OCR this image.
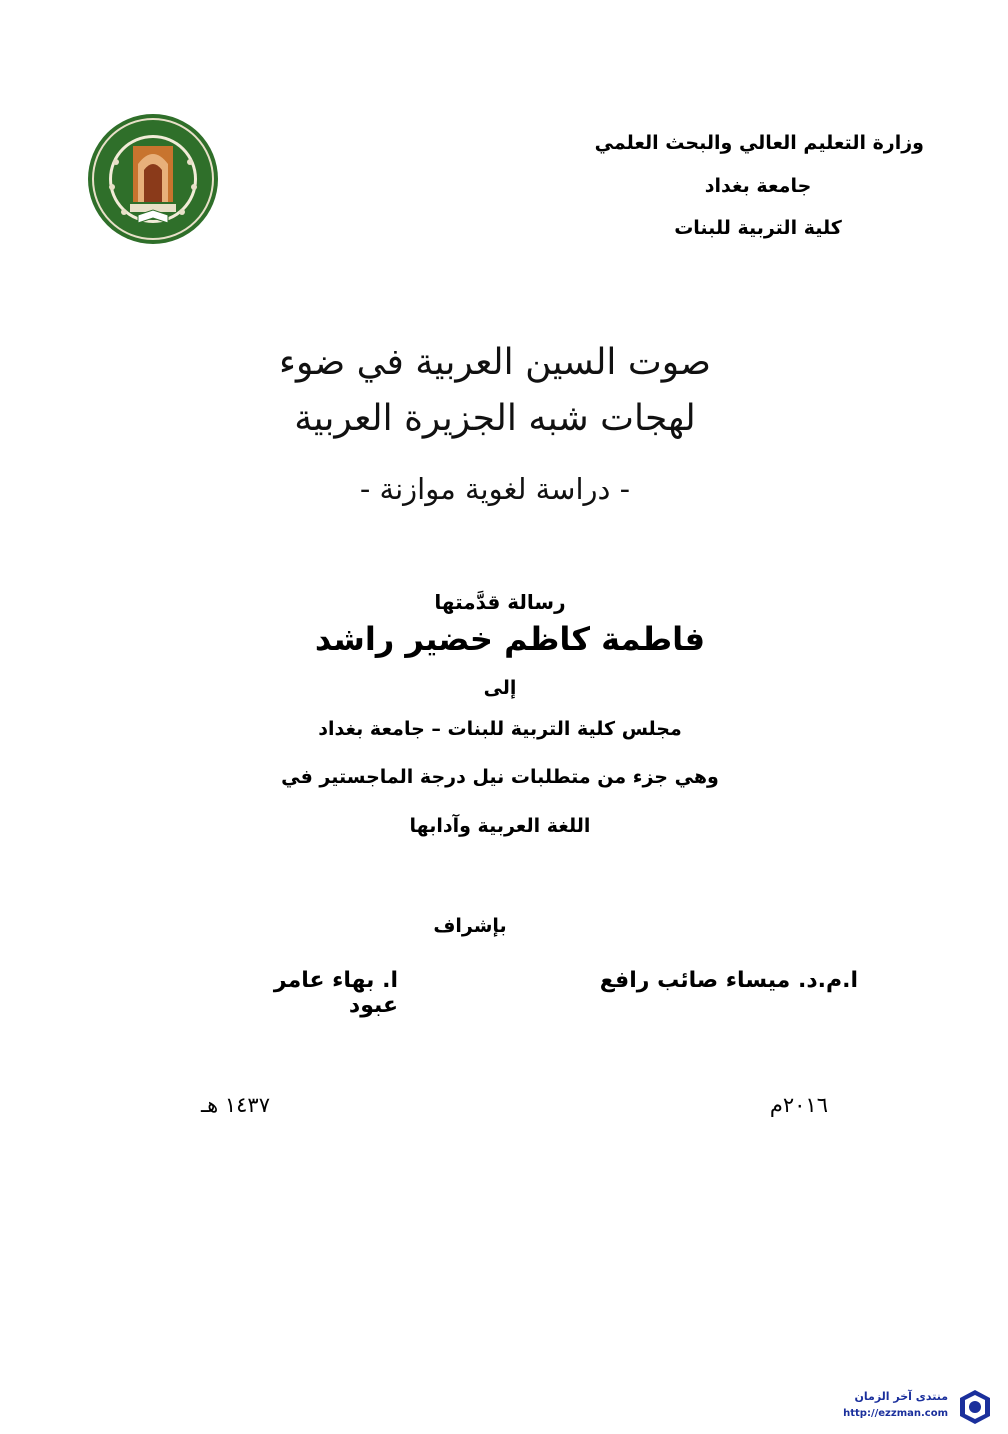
وزارة التعليم العالي والبحث العلمي
جامعة بغداد
كلية التربية للبنات
صوت السين العربية في ضوء
لهجات شبه الجزيرة العربية
- دراسة لغوية موازنة -
رسالة قدَّمتها
فاطمة كاظم خضير راشد
إلى
مجلس كلية التربية للبنات – جامعة بغداد
وهي جزء من متطلبات نيل درجة الماجستير في
اللغة العربية وآدابها
بإشراف
ا.م.د. ميساء صائب رافع
ا. بهاء عامر عبود
٢٠١٦م
١٤٣٧ هـ
منتدى آخر الزمان
http://ezzman.com
